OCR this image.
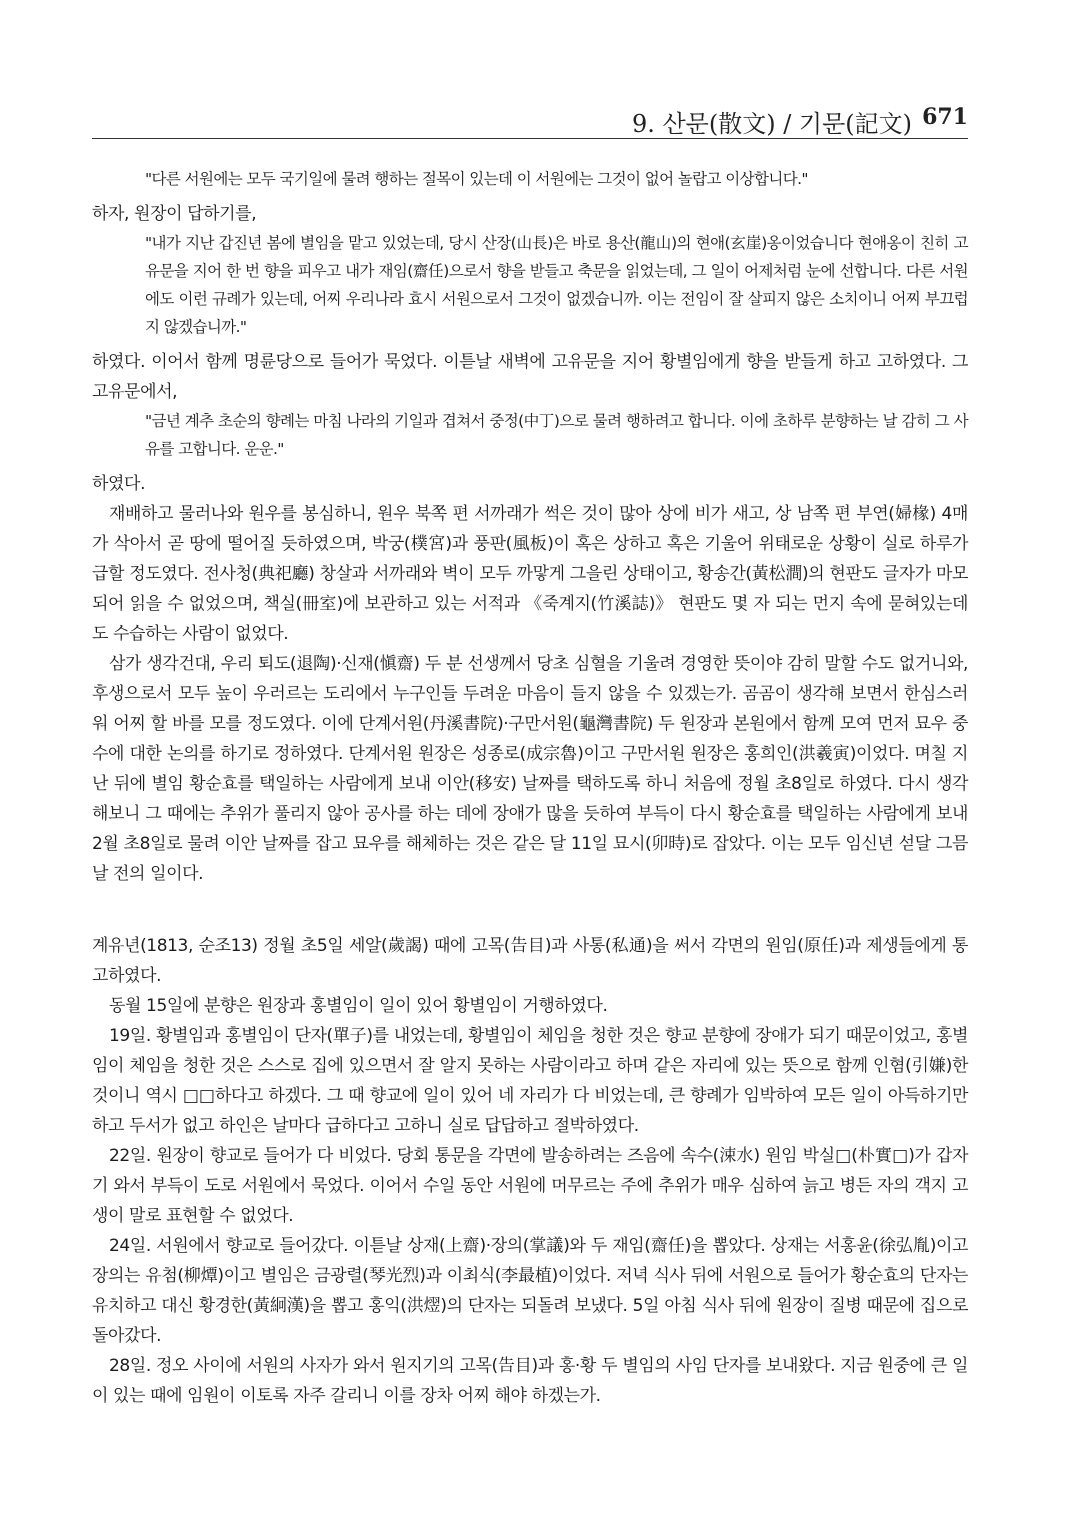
9. 산문(散文) / 기문(記文) 671

"다른 서원에는 모두 국기일에 물려 행하는 절목이 있는데 이 서원에는 그것이 없어 놀랍고 이상합니다."

하자, 원장이 답하기를,

"내가 지난 갑진년 봄에 별임을 맡고 있었는데, 당시 산장(山長)은 바로 용산(龍山)의 현애(玄崖)옹이었습니다 현애옹이 친히 고유문을 지어 한 번 향을 피우고 내가 재임(齋任)으로서 향을 받들고 축문을 읽었는데, 그 일이 어제처럼 눈에 선합니다. 다른 서원에도 이런 규례가 있는데, 어찌 우리나라 효시 서원으로서 그것이 없겠습니까. 이는 전임이 잘 살피지 않은 소치이니 어찌 부끄럽지 않겠습니까."

하였다. 이어서 함께 명륜당으로 들어가 묵었다. 이튿날 새벽에 고유문을 지어 황별임에게 향을 받들게 하고 고하였다. 그 고유문에서,

"금년 계추 초순의 향례는 마침 나라의 기일과 겹쳐서 중정(中丁)으로 물려 행하려고 합니다. 이에 초하루 분향하는 날 감히 그 사유를 고합니다. 운운."

하였다.

재배하고 물러나와 원우를 봉심하니, 원우 북쪽 편 서까래가 썩은 것이 많아 상에 비가 새고, 상 남쪽 편 부연(婦椽) 4매가 삭아서 곧 땅에 떨어질 듯하였으며, 박궁(樸宮)과 풍판(風板)이 혹은 상하고 혹은 기울어 위태로운 상황이 실로 하루가 급할 정도였다. 전사청(典祀廳) 창살과 서까래와 벽이 모두 까맣게 그을린 상태이고, 황송간(黃松澗)의 현판도 글자가 마모되어 읽을 수 없었으며, 책실(冊室)에 보관하고 있는 서적과 《죽계지(竹溪誌)》 현판도 몇 자 되는 먼지 속에 묻혀있는데도 수습하는 사람이 없었다.

삼가 생각건대, 우리 퇴도(退陶)·신재(愼齋) 두 분 선생께서 당초 심혈을 기울려 경영한 뜻이야 감히 말할 수도 없거니와, 후생으로서 모두 높이 우러르는 도리에서 누구인들 두려운 마음이 들지 않을 수 있겠는가. 곰곰이 생각해 보면서 한심스러워 어찌 할 바를 모를 정도였다. 이에 단계서원(丹溪書院)·구만서원(龜灣書院) 두 원장과 본원에서 함께 모여 먼저 묘우 중수에 대한 논의를 하기로 정하였다. 단계서원 원장은 성종로(成宗魯)이고 구만서원 원장은 홍희인(洪羲寅)이었다. 며칠 지난 뒤에 별임 황순효를 택일하는 사람에게 보내 이안(移安) 날짜를 택하도록 하니 처음에 정월 초8일로 하였다. 다시 생각해보니 그 때에는 추위가 풀리지 않아 공사를 하는 데에 장애가 많을 듯하여 부득이 다시 황순효를 택일하는 사람에게 보내 2월 초8일로 물려 이안 날짜를 잡고 묘우를 해체하는 것은 같은 달 11일 묘시(卯時)로 잡았다. 이는 모두 임신년 섣달 그믐날 전의 일이다.

계유년(1813, 순조13) 정월 초5일 세알(歲謁) 때에 고목(告目)과 사통(私通)을 써서 각면의 원임(原任)과 제생들에게 통고하였다.

동월 15일에 분향은 원장과 홍별임이 일이 있어 황별임이 거행하였다.

19일. 황별임과 홍별임이 단자(單子)를 내었는데, 황별임이 체임을 청한 것은 향교 분향에 장애가 되기 때문이었고, 홍별임이 체임을 청한 것은 스스로 집에 있으면서 잘 알지 못하는 사람이라고 하며 같은 자리에 있는 뜻으로 함께 인혐(引嫌)한 것이니 역시 □□하다고 하겠다. 그 때 향교에 일이 있어 네 자리가 다 비었는데, 큰 향례가 임박하여 모든 일이 아득하기만 하고 두서가 없고 하인은 날마다 급하다고 고하니 실로 답답하고 절박하였다.

22일. 원장이 향교로 들어가 다 비었다. 당회 통문을 각면에 발송하려는 즈음에 속수(涑水) 원임 박실□(朴實□)가 갑자기 와서 부득이 도로 서원에서 묵었다. 이어서 수일 동안 서원에 머무르는 주에 추위가 매우 심하여 늙고 병든 자의 객지 고생이 말로 표현할 수 없었다.

24일. 서원에서 향교로 들어갔다. 이튿날 상재(上齋)·장의(掌議)와 두 재임(齋任)을 뽑았다. 상재는 서홍윤(徐弘胤)이고 장의는 유첨(柳燂)이고 별임은 금광렬(琴光烈)과 이최식(李最植)이었다. 저녁 식사 뒤에 서원으로 들어가 황순효의 단자는 유치하고 대신 황경한(黃絅漢)을 뽑고 홍익(洪熤)의 단자는 되돌려 보냈다. 5일 아침 식사 뒤에 원장이 질병 때문에 집으로 돌아갔다.

28일. 정오 사이에 서원의 사자가 와서 원지기의 고목(告目)과 홍·황 두 별임의 사임 단자를 보내왔다. 지금 원중에 큰 일이 있는 때에 임원이 이토록 자주 갈리니 이를 장차 어찌 해야 하겠는가.
